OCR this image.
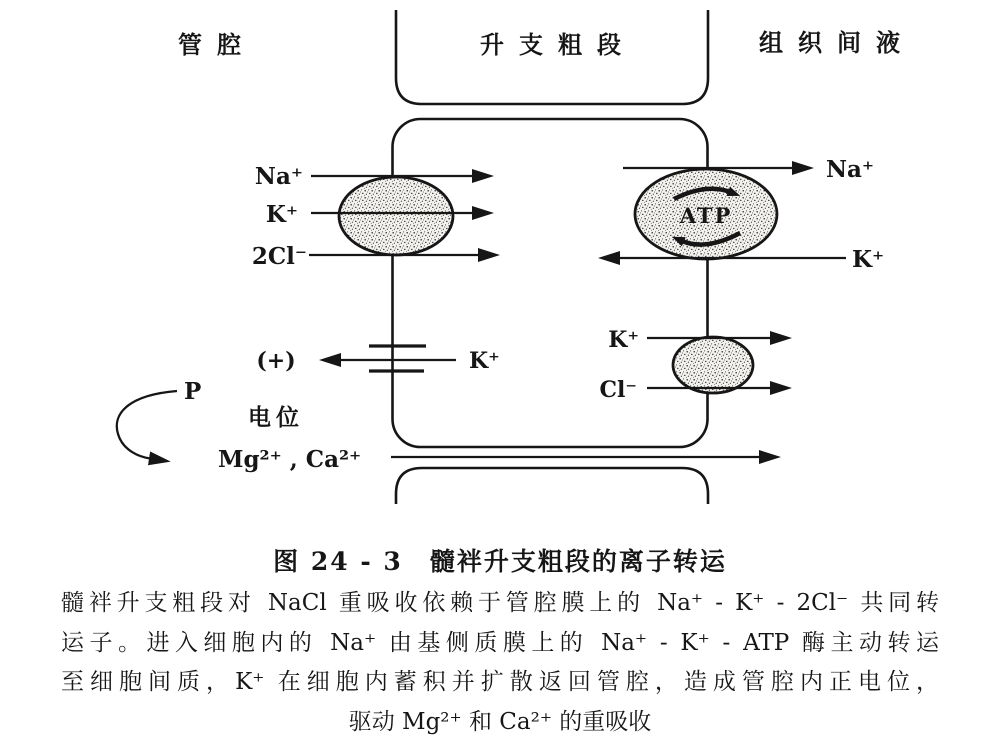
管腔	升支粗段	组织间液
ATP
Na⁺
K⁺
2Cl⁻
Na⁺
K⁺
K⁺
Cl⁻
K⁺
(+)
P
电位
Mg²⁺ , Ca²⁺
图 24 - 3　髓袢升支粗段的离子转运
髓袢升支粗段对 NaCl 重吸收依赖于管腔膜上的 Na⁺ - K⁺ - 2Cl⁻ 共同转
运子。进入细胞内的 Na⁺ 由基侧质膜上的 Na⁺ - K⁺ - ATP 酶主动转运
至细胞间质，K⁺ 在细胞内蓄积并扩散返回管腔，造成管腔内正电位，
驱动 Mg²⁺ 和 Ca²⁺ 的重吸收
